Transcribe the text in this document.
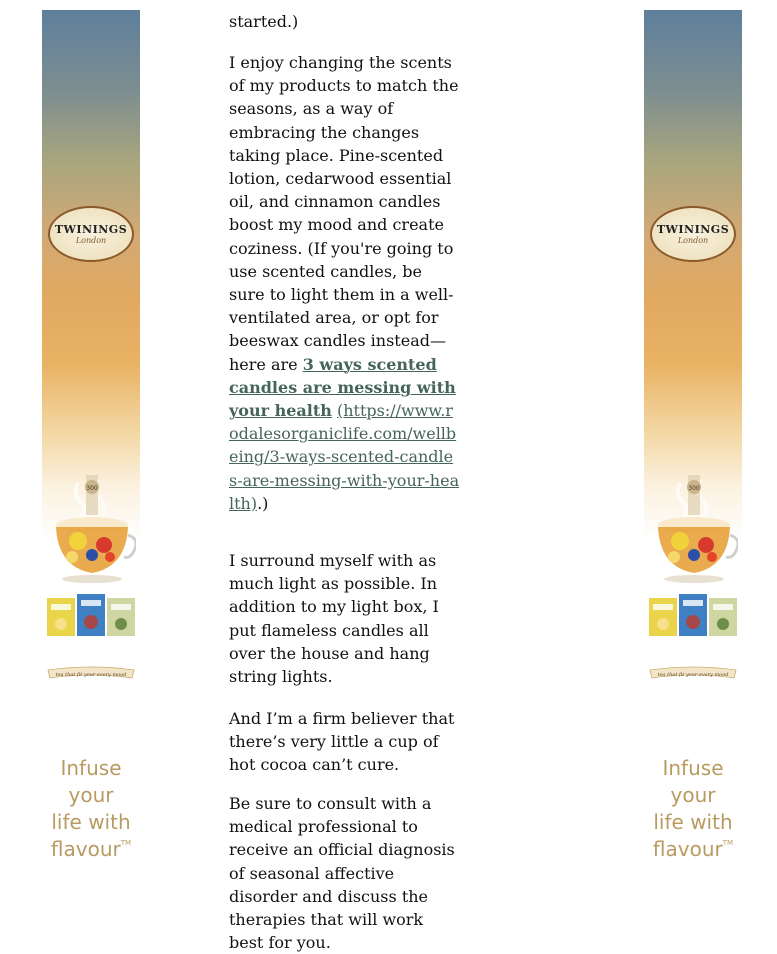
TWININGS
London
300
tea that fit your every mood
Infuse
your
life with
flavour™

started.)

I enjoy changing the scents of my products to match the seasons, as a way of embracing the changes taking place. Pine-scented lotion, cedarwood essential oil, and cinnamon candles boost my mood and create coziness. (If you're going to use scented candles, be sure to light them in a well-ventilated area, or opt for beeswax candles instead—here are 3 ways scented candles are messing with your health (https://www.rodalesorganiclife.com/wellbeing/3-ways-scented-candles-are-messing-with-your-health).)

I surround myself with as much light as possible. In addition to my light box, I put flameless candles all over the house and hang string lights.

And I’m a firm believer that there’s very little a cup of hot cocoa can’t cure.

Be sure to consult with a medical professional to receive an official diagnosis of seasonal affective disorder and discuss the therapies that will work best for you.

TWININGS
London
300
tea that fit your every mood
Infuse
your
life with
flavour™
